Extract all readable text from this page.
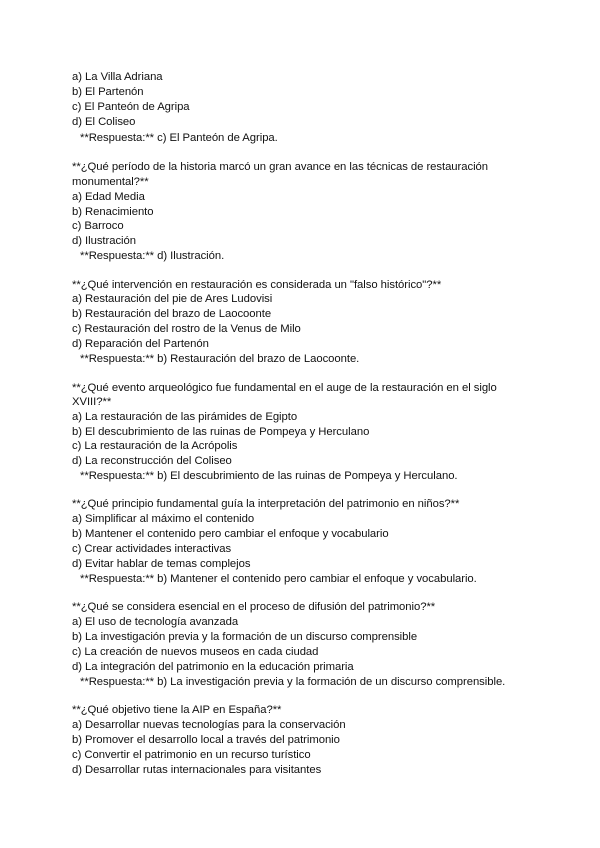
a) La Villa Adriana

b) El Partenón

c) El Panteón de Agripa

d) El Coliseo

**Respuesta:** c) El Panteón de Agripa.

**¿Qué período de la historia marcó un gran avance en las técnicas de restauración

monumental?**

a) Edad Media

b) Renacimiento

c) Barroco

d) Ilustración

**Respuesta:** d) Ilustración.

**¿Qué intervención en restauración es considerada un "falso histórico"?**

a) Restauración del pie de Ares Ludovisi

b) Restauración del brazo de Laocoonte

c) Restauración del rostro de la Venus de Milo

d) Reparación del Partenón

**Respuesta:** b) Restauración del brazo de Laocoonte.

**¿Qué evento arqueológico fue fundamental en el auge de la restauración en el siglo

XVIII?**

a) La restauración de las pirámides de Egipto

b) El descubrimiento de las ruinas de Pompeya y Herculano

c) La restauración de la Acrópolis

d) La reconstrucción del Coliseo

**Respuesta:** b) El descubrimiento de las ruinas de Pompeya y Herculano.

**¿Qué principio fundamental guía la interpretación del patrimonio en niños?**

a) Simplificar al máximo el contenido

b) Mantener el contenido pero cambiar el enfoque y vocabulario

c) Crear actividades interactivas

d) Evitar hablar de temas complejos

**Respuesta:** b) Mantener el contenido pero cambiar el enfoque y vocabulario.

**¿Qué se considera esencial en el proceso de difusión del patrimonio?**

a) El uso de tecnología avanzada

b) La investigación previa y la formación de un discurso comprensible

c) La creación de nuevos museos en cada ciudad

d) La integración del patrimonio en la educación primaria

**Respuesta:** b) La investigación previa y la formación de un discurso comprensible.

**¿Qué objetivo tiene la AIP en España?**

a) Desarrollar nuevas tecnologías para la conservación

b) Promover el desarrollo local a través del patrimonio

c) Convertir el patrimonio en un recurso turístico

d) Desarrollar rutas internacionales para visitantes
